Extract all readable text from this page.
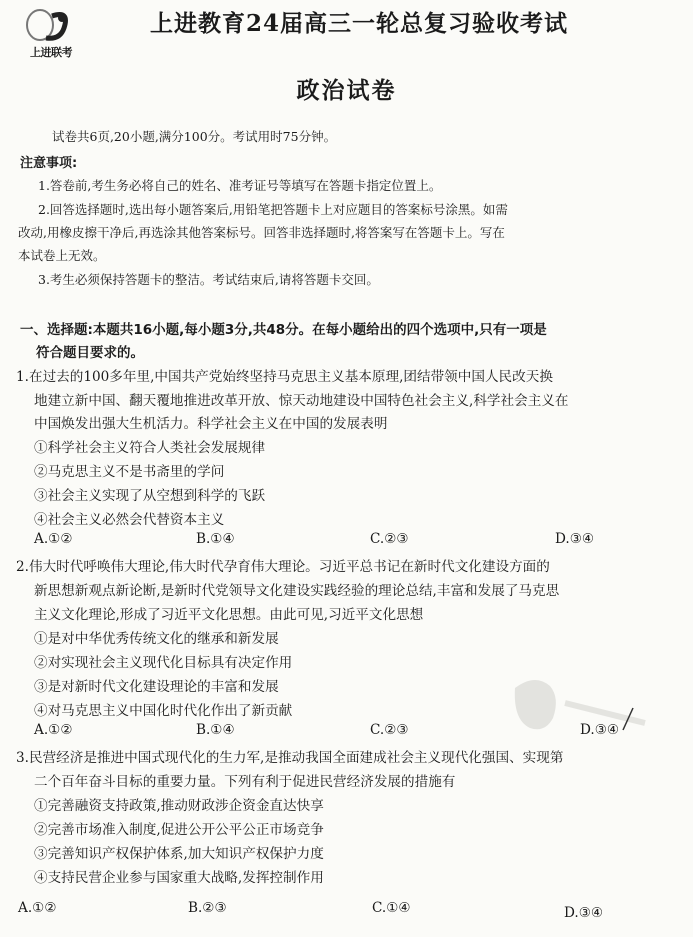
上进联考
上进教育24届高三一轮总复习验收考试
政治试卷
试卷共6页,20小题,满分100分。考试用时75分钟。
注意事项:
1.答卷前,考生务必将自己的姓名、准考证号等填写在答题卡指定位置上。
2.回答选择题时,选出每小题答案后,用铅笔把答题卡上对应题目的答案标号涂黑。如需
改动,用橡皮擦干净后,再选涂其他答案标号。回答非选择题时,将答案写在答题卡上。写在
本试卷上无效。
3.考生必须保持答题卡的整洁。考试结束后,请将答题卡交回。
一、选择题:本题共16小题,每小题3分,共48分。在每小题给出的四个选项中,只有一项是
符合题目要求的。
1.在过去的100多年里,中国共产党始终坚持马克思主义基本原理,团结带领中国人民改天换
地建立新中国、翻天覆地推进改革开放、惊天动地建设中国特色社会主义,科学社会主义在
中国焕发出强大生机活力。科学社会主义在中国的发展表明
①科学社会主义符合人类社会发展规律
②马克思主义不是书斋里的学问
③社会主义实现了从空想到科学的飞跃
④社会主义必然会代替资本主义
A.①②	B.①④	C.②③	D.③④
2.伟大时代呼唤伟大理论,伟大时代孕育伟大理论。习近平总书记在新时代文化建设方面的
新思想新观点新论断,是新时代党领导文化建设实践经验的理论总结,丰富和发展了马克思
主义文化理论,形成了习近平文化思想。由此可见,习近平文化思想
①是对中华优秀传统文化的继承和新发展
②对实现社会主义现代化目标具有决定作用
③是对新时代文化建设理论的丰富和发展
④对马克思主义中国化时代化作出了新贡献
A.①②	B.①④	C.②③	D.③④
3.民营经济是推进中国式现代化的生力军,是推动我国全面建成社会主义现代化强国、实现第
二个百年奋斗目标的重要力量。下列有利于促进民营经济发展的措施有
①完善融资支持政策,推动财政涉企资金直达快享
②完善市场准入制度,促进公开公平公正市场竞争
③完善知识产权保护体系,加大知识产权保护力度
④支持民营企业参与国家重大战略,发挥控制作用
A.①②	B.②③	C.①④	D.③④
